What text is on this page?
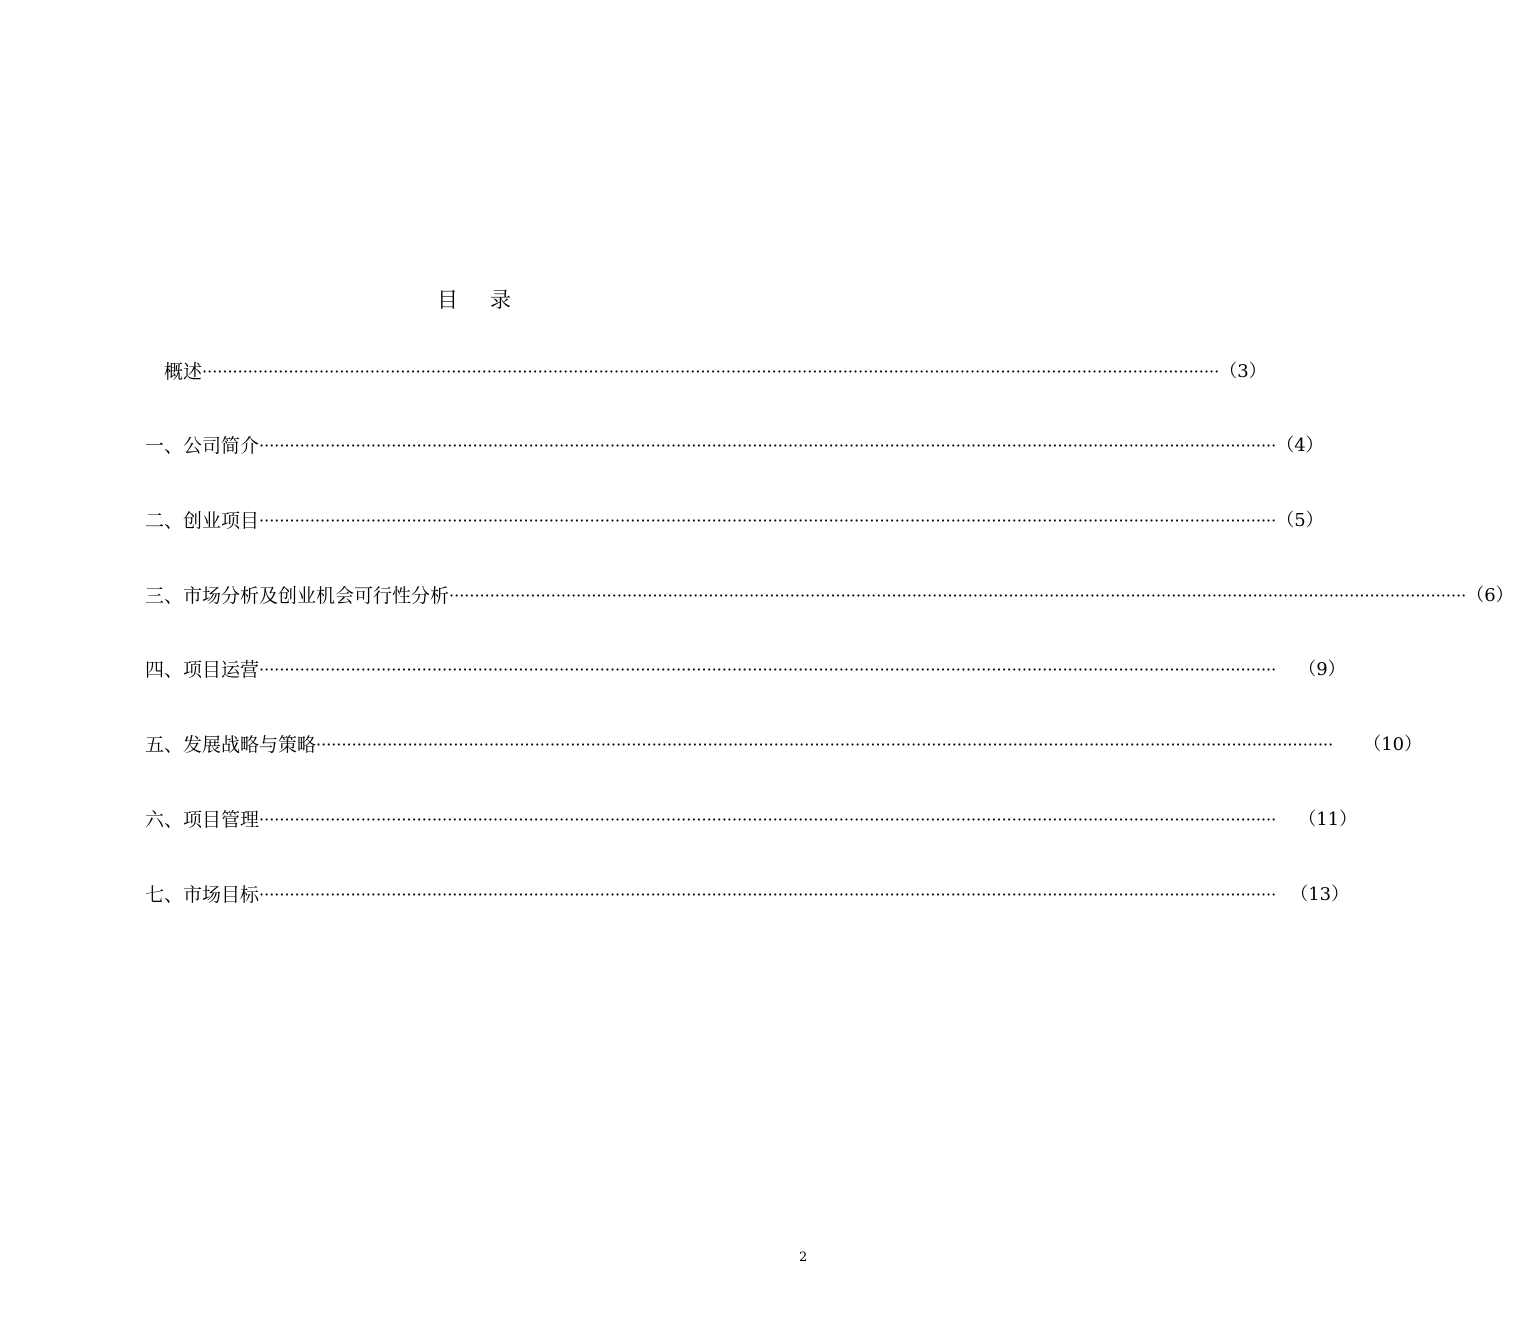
目 录
概述 ········································································································································································································ （3）
一、公司简介 ········································································································································································································ （4）
二、创业项目 ········································································································································································································ （5）
三、市场分析及创业机会可行性分析 ········································································································································································································ （6）
四、项目运营 ········································································································································································································ （9）
五、发展战略与策略 ········································································································································································································ （10）
六、项目管理 ········································································································································································································ （11）
七、市场目标 ········································································································································································································ （13）
2
